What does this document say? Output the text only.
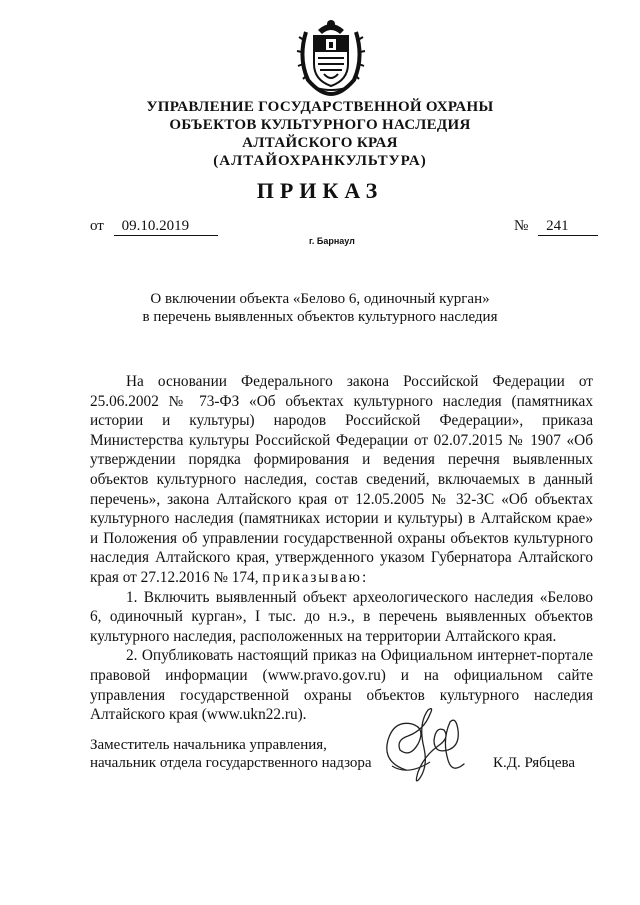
УПРАВЛЕНИЕ ГОСУДАРСТВЕННОЙ ОХРАНЫ
ОБЪЕКТОВ КУЛЬТУРНОГО НАСЛЕДИЯ
АЛТАЙСКОГО КРАЯ
(АЛТАЙОХРАНКУЛЬТУРА)
ПРИКАЗ
от 09.10.2019	№ 241
г. Барнаул
О включении объекта «Белово 6, одиночный курган»
в перечень выявленных объектов культурного наследия

На основании Федерального закона Российской Федерации от 25.06.2002 № 73-ФЗ «Об объектах культурного наследия (памятниках истории и культуры) народов Российской Федерации», приказа Министерства культуры Российской Федерации от 02.07.2015 № 1907 «Об утверждении порядка формирования и ведения перечня выявленных объектов культурного наследия, состав сведений, включаемых в данный перечень», закона Алтайского края от 12.05.2005 № 32-ЗС «Об объектах культурного наследия (памятниках истории и культуры) в Алтайском крае» и Положения об управлении государственной охраны объектов культурного наследия Алтайского края, утвержденного указом Губернатора Алтайского края от 27.12.2016 № 174, приказываю:

1. Включить выявленный объект археологического наследия «Белово 6, одиночный курган», I тыс. до н.э., в перечень выявленных объектов культурного наследия, расположенных на территории Алтайского края.

2. Опубликовать настоящий приказ на Официальном интернет-портале правовой информации (www.pravo.gov.ru) и на официальном сайте управления государственной охраны объектов культурного наследия Алтайского края (www.ukn22.ru).

Заместитель начальника управления,
начальник отдела государственного надзора	К.Д. Рябцева
